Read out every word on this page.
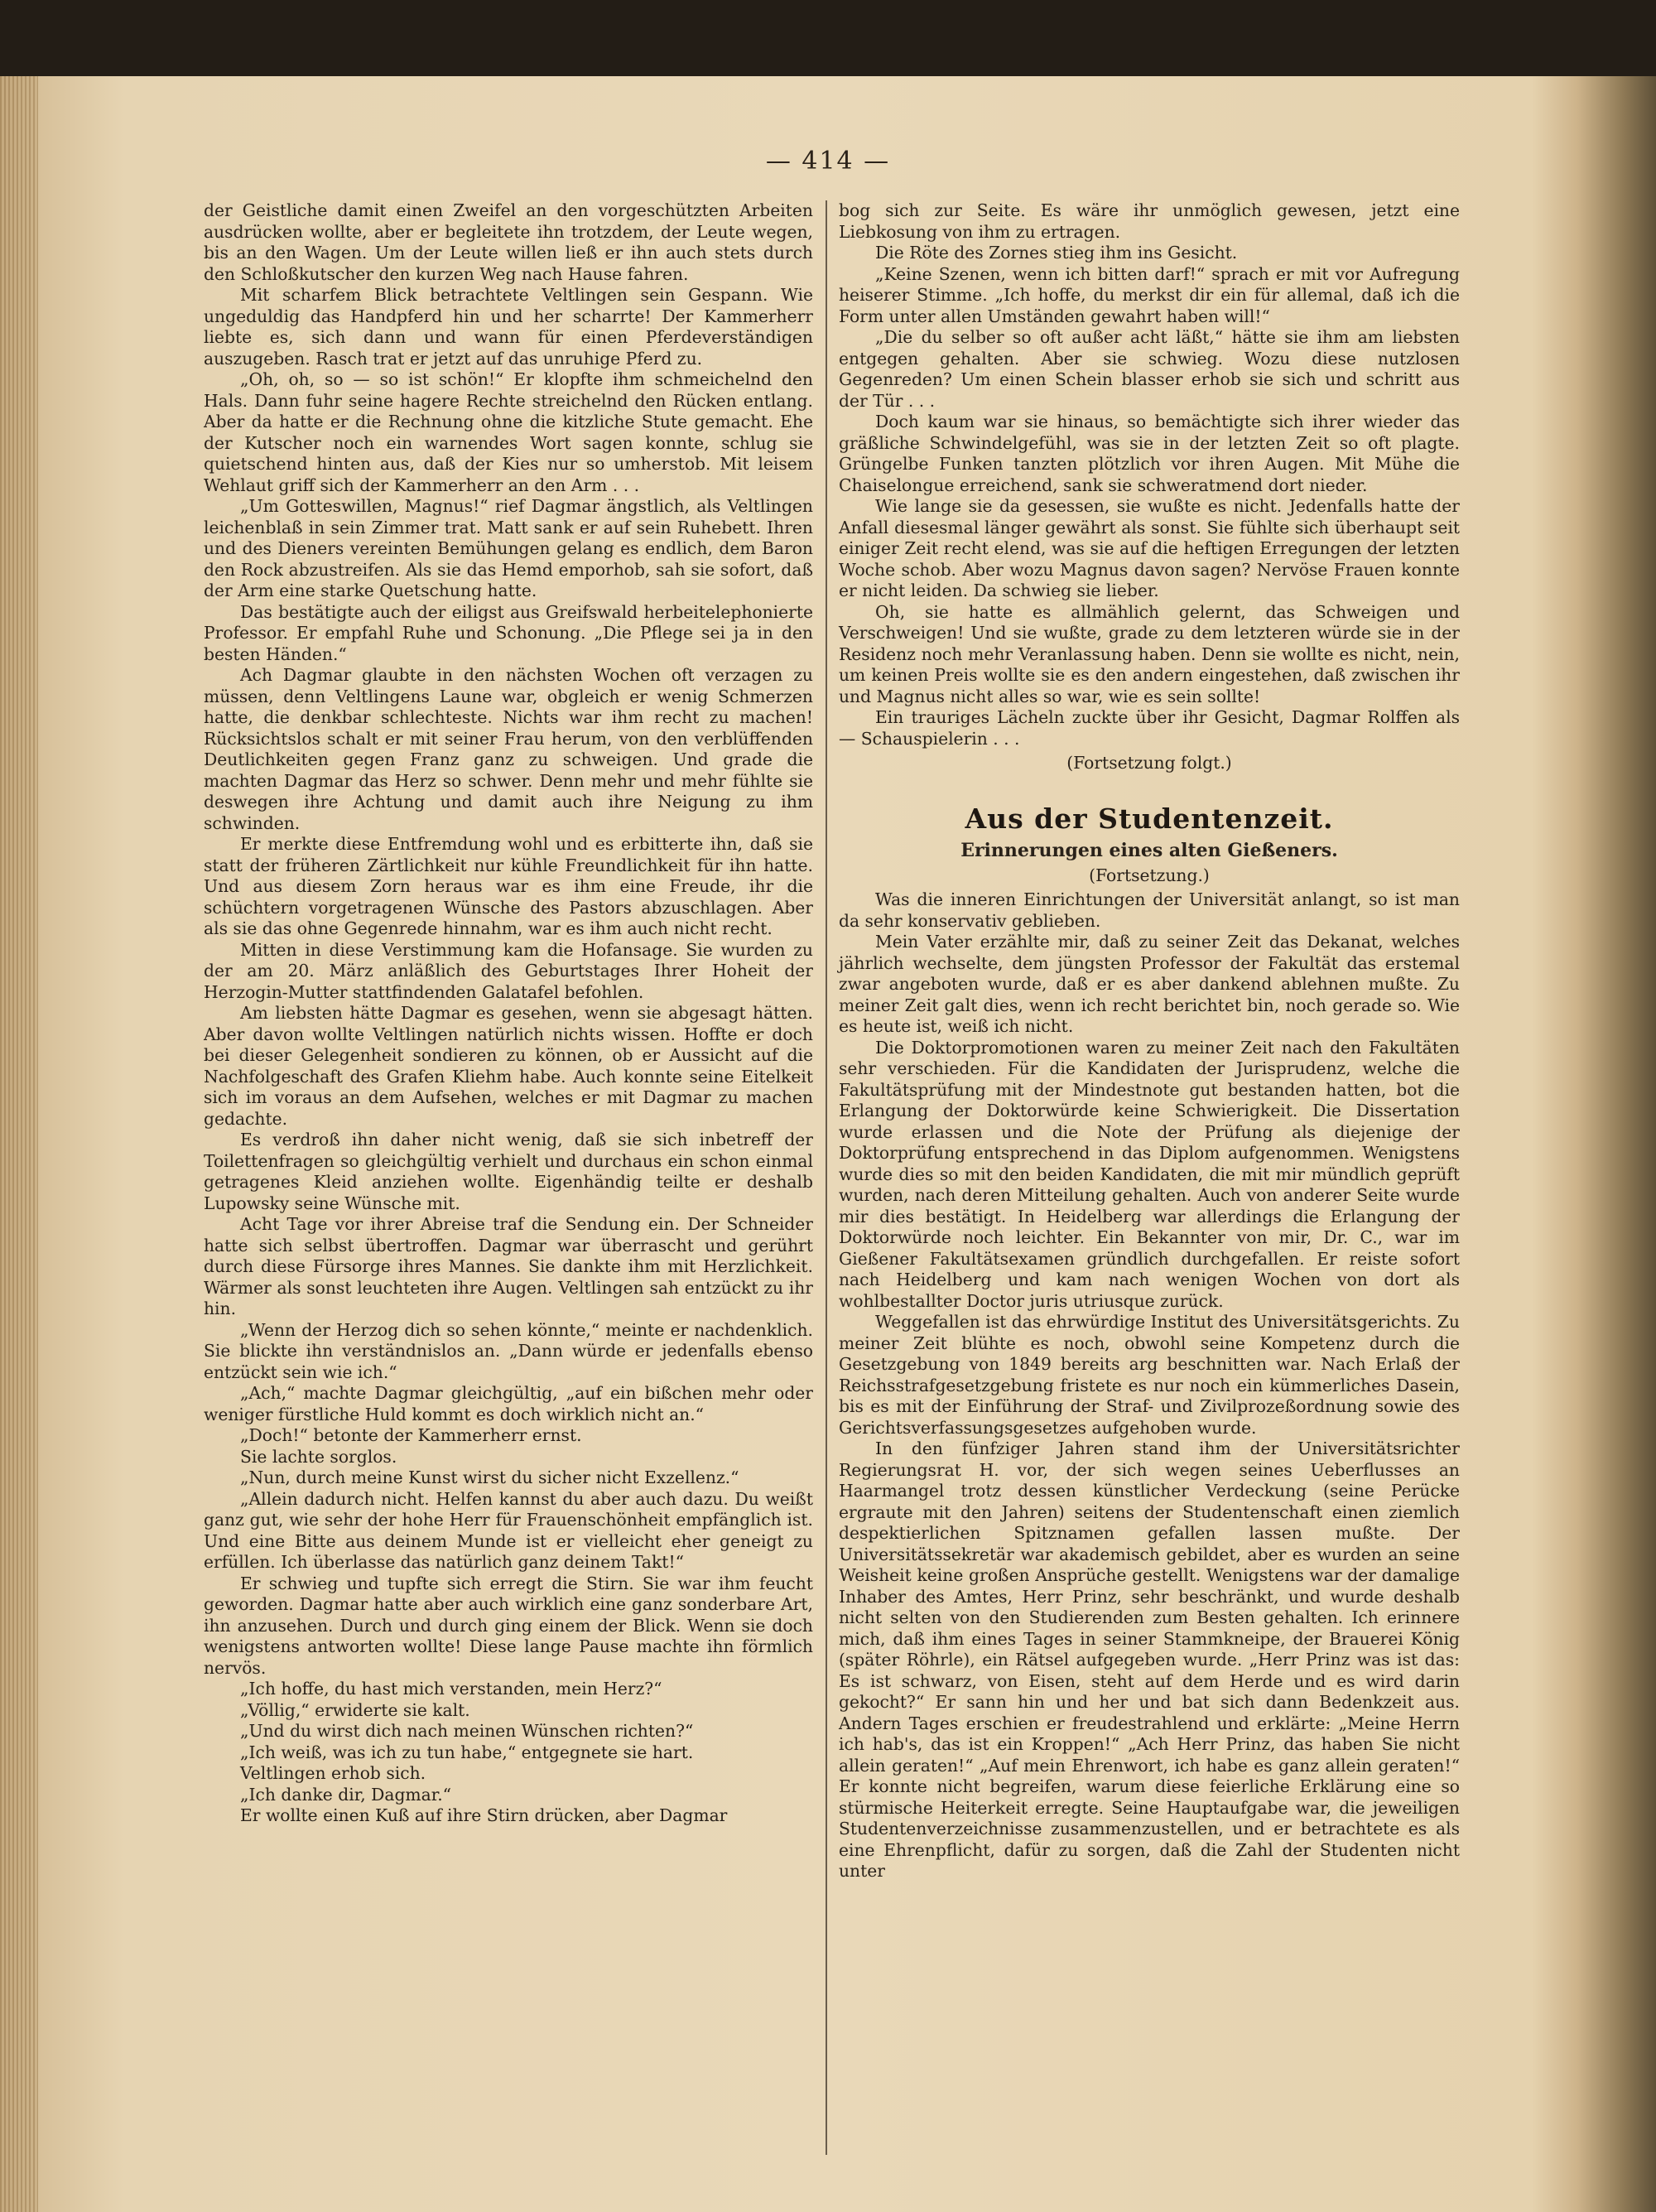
— 414 —

der Geistliche damit einen Zweifel an den vorgeschützten Arbeiten ausdrücken wollte, aber er begleitete ihn trotzdem, der Leute wegen, bis an den Wagen. Um der Leute willen ließ er ihn auch stets durch den Schloßkutscher den kurzen Weg nach Hause fahren.

Mit scharfem Blick betrachtete Veltlingen sein Gespann. Wie ungeduldig das Handpferd hin und her scharrte! Der Kammerherr liebte es, sich dann und wann für einen Pferdeverständigen auszugeben. Rasch trat er jetzt auf das unruhige Pferd zu.

„Oh, oh, so — so ist schön!“ Er klopfte ihm schmeichelnd den Hals. Dann fuhr seine hagere Rechte streichelnd den Rücken entlang. Aber da hatte er die Rechnung ohne die kitzliche Stute gemacht. Ehe der Kutscher noch ein warnendes Wort sagen konnte, schlug sie quietschend hinten aus, daß der Kies nur so umherstob. Mit leisem Wehlaut griff sich der Kammerherr an den Arm . . .

„Um Gotteswillen, Magnus!“ rief Dagmar ängstlich, als Veltlingen leichenblaß in sein Zimmer trat. Matt sank er auf sein Ruhebett. Ihren und des Dieners vereinten Bemühungen gelang es endlich, dem Baron den Rock abzustreifen. Als sie das Hemd emporhob, sah sie sofort, daß der Arm eine starke Quetschung hatte.

Das bestätigte auch der eiligst aus Greifswald herbeitelephonierte Professor. Er empfahl Ruhe und Schonung. „Die Pflege sei ja in den besten Händen.“

Ach Dagmar glaubte in den nächsten Wochen oft verzagen zu müssen, denn Veltlingens Laune war, obgleich er wenig Schmerzen hatte, die denkbar schlechteste. Nichts war ihm recht zu machen! Rücksichtslos schalt er mit seiner Frau herum, von den verblüffenden Deutlichkeiten gegen Franz ganz zu schweigen. Und grade die machten Dagmar das Herz so schwer. Denn mehr und mehr fühlte sie deswegen ihre Achtung und damit auch ihre Neigung zu ihm schwinden.

Er merkte diese Entfremdung wohl und es erbitterte ihn, daß sie statt der früheren Zärtlichkeit nur kühle Freundlichkeit für ihn hatte. Und aus diesem Zorn heraus war es ihm eine Freude, ihr die schüchtern vorgetragenen Wünsche des Pastors abzuschlagen. Aber als sie das ohne Gegenrede hinnahm, war es ihm auch nicht recht.

Mitten in diese Verstimmung kam die Hofansage. Sie wurden zu der am 20. März anläßlich des Geburtstages Ihrer Hoheit der Herzogin-Mutter stattfindenden Galatafel befohlen.

Am liebsten hätte Dagmar es gesehen, wenn sie abgesagt hätten. Aber davon wollte Veltlingen natürlich nichts wissen. Hoffte er doch bei dieser Gelegenheit sondieren zu können, ob er Aussicht auf die Nachfolgeschaft des Grafen Kliehm habe. Auch konnte seine Eitelkeit sich im voraus an dem Aufsehen, welches er mit Dagmar zu machen gedachte.

Es verdroß ihn daher nicht wenig, daß sie sich inbetreff der Toilettenfragen so gleichgültig verhielt und durchaus ein schon einmal getragenes Kleid anziehen wollte. Eigenhändig teilte er deshalb Lupowsky seine Wünsche mit.

Acht Tage vor ihrer Abreise traf die Sendung ein. Der Schneider hatte sich selbst übertroffen. Dagmar war überrascht und gerührt durch diese Fürsorge ihres Mannes. Sie dankte ihm mit Herzlichkeit. Wärmer als sonst leuchteten ihre Augen. Veltlingen sah entzückt zu ihr hin.

„Wenn der Herzog dich so sehen könnte,“ meinte er nachdenklich. Sie blickte ihn verständnislos an. „Dann würde er jedenfalls ebenso entzückt sein wie ich.“

„Ach,“ machte Dagmar gleichgültig, „auf ein bißchen mehr oder weniger fürstliche Huld kommt es doch wirklich nicht an.“

„Doch!“ betonte der Kammerherr ernst.

Sie lachte sorglos.

„Nun, durch meine Kunst wirst du sicher nicht Exzellenz.“

„Allein dadurch nicht. Helfen kannst du aber auch dazu. Du weißt ganz gut, wie sehr der hohe Herr für Frauenschönheit empfänglich ist. Und eine Bitte aus deinem Munde ist er vielleicht eher geneigt zu erfüllen. Ich überlasse das natürlich ganz deinem Takt!“

Er schwieg und tupfte sich erregt die Stirn. Sie war ihm feucht geworden. Dagmar hatte aber auch wirklich eine ganz sonderbare Art, ihn anzusehen. Durch und durch ging einem der Blick. Wenn sie doch wenigstens antworten wollte! Diese lange Pause machte ihn förmlich nervös.

„Ich hoffe, du hast mich verstanden, mein Herz?“

„Völlig,“ erwiderte sie kalt.

„Und du wirst dich nach meinen Wünschen richten?“

„Ich weiß, was ich zu tun habe,“ entgegnete sie hart.

Veltlingen erhob sich.

„Ich danke dir, Dagmar.“

Er wollte einen Kuß auf ihre Stirn drücken, aber Dagmar

bog sich zur Seite. Es wäre ihr unmöglich gewesen, jetzt eine Liebkosung von ihm zu ertragen.

Die Röte des Zornes stieg ihm ins Gesicht.

„Keine Szenen, wenn ich bitten darf!“ sprach er mit vor Aufregung heiserer Stimme. „Ich hoffe, du merkst dir ein für allemal, daß ich die Form unter allen Umständen gewahrt haben will!“

„Die du selber so oft außer acht läßt,“ hätte sie ihm am liebsten entgegen gehalten. Aber sie schwieg. Wozu diese nutzlosen Gegenreden? Um einen Schein blasser erhob sie sich und schritt aus der Tür . . .

Doch kaum war sie hinaus, so bemächtigte sich ihrer wieder das gräßliche Schwindelgefühl, was sie in der letzten Zeit so oft plagte. Grüngelbe Funken tanzten plötzlich vor ihren Augen. Mit Mühe die Chaiselongue erreichend, sank sie schweratmend dort nieder.

Wie lange sie da gesessen, sie wußte es nicht. Jedenfalls hatte der Anfall diesesmal länger gewährt als sonst. Sie fühlte sich überhaupt seit einiger Zeit recht elend, was sie auf die heftigen Erregungen der letzten Woche schob. Aber wozu Magnus davon sagen? Nervöse Frauen konnte er nicht leiden. Da schwieg sie lieber.

Oh, sie hatte es allmählich gelernt, das Schweigen und Verschweigen! Und sie wußte, grade zu dem letzteren würde sie in der Residenz noch mehr Veranlassung haben. Denn sie wollte es nicht, nein, um keinen Preis wollte sie es den andern eingestehen, daß zwischen ihr und Magnus nicht alles so war, wie es sein sollte!

Ein trauriges Lächeln zuckte über ihr Gesicht, Dagmar Rolffen als — Schauspielerin . . .

(Fortsetzung folgt.)

Aus der Studentenzeit.
Erinnerungen eines alten Gießeners.

(Fortsetzung.)

Was die inneren Einrichtungen der Universität anlangt, so ist man da sehr konservativ geblieben.

Mein Vater erzählte mir, daß zu seiner Zeit das Dekanat, welches jährlich wechselte, dem jüngsten Professor der Fakultät das erstemal zwar angeboten wurde, daß er es aber dankend ablehnen mußte. Zu meiner Zeit galt dies, wenn ich recht berichtet bin, noch gerade so. Wie es heute ist, weiß ich nicht.

Die Doktorpromotionen waren zu meiner Zeit nach den Fakultäten sehr verschieden. Für die Kandidaten der Jurisprudenz, welche die Fakultätsprüfung mit der Mindestnote gut bestanden hatten, bot die Erlangung der Doktorwürde keine Schwierigkeit. Die Dissertation wurde erlassen und die Note der Prüfung als diejenige der Doktorprüfung entsprechend in das Diplom aufgenommen. Wenigstens wurde dies so mit den beiden Kandidaten, die mit mir mündlich geprüft wurden, nach deren Mitteilung gehalten. Auch von anderer Seite wurde mir dies bestätigt. In Heidelberg war allerdings die Erlangung der Doktorwürde noch leichter. Ein Bekannter von mir, Dr. C., war im Gießener Fakultätsexamen gründlich durchgefallen. Er reiste sofort nach Heidelberg und kam nach wenigen Wochen von dort als wohlbestallter Doctor juris utriusque zurück.

Weggefallen ist das ehrwürdige Institut des Universitätsgerichts. Zu meiner Zeit blühte es noch, obwohl seine Kompetenz durch die Gesetzgebung von 1849 bereits arg beschnitten war. Nach Erlaß der Reichsstrafgesetzgebung fristete es nur noch ein kümmerliches Dasein, bis es mit der Einführung der Straf- und Zivilprozeßordnung sowie des Gerichtsverfassungsgesetzes aufgehoben wurde.

In den fünfziger Jahren stand ihm der Universitätsrichter Regierungsrat H. vor, der sich wegen seines Ueberflusses an Haarmangel trotz dessen künstlicher Verdeckung (seine Perücke ergraute mit den Jahren) seitens der Studentenschaft einen ziemlich despektierlichen Spitznamen gefallen lassen mußte. Der Universitätssekretär war akademisch gebildet, aber es wurden an seine Weisheit keine großen Ansprüche gestellt. Wenigstens war der damalige Inhaber des Amtes, Herr Prinz, sehr beschränkt, und wurde deshalb nicht selten von den Studierenden zum Besten gehalten. Ich erinnere mich, daß ihm eines Tages in seiner Stammkneipe, der Brauerei König (später Röhrle), ein Rätsel aufgegeben wurde. „Herr Prinz was ist das: Es ist schwarz, von Eisen, steht auf dem Herde und es wird darin gekocht?“ Er sann hin und her und bat sich dann Bedenkzeit aus. Andern Tages erschien er freudestrahlend und erklärte: „Meine Herrn ich hab's, das ist ein Kroppen!“ „Ach Herr Prinz, das haben Sie nicht allein geraten!“ „Auf mein Ehrenwort, ich habe es ganz allein geraten!“ Er konnte nicht begreifen, warum diese feierliche Erklärung eine so stürmische Heiterkeit erregte. Seine Hauptaufgabe war, die jeweiligen Studentenverzeichnisse zusammenzustellen, und er betrachtete es als eine Ehrenpflicht, dafür zu sorgen, daß die Zahl der Studenten nicht unter
